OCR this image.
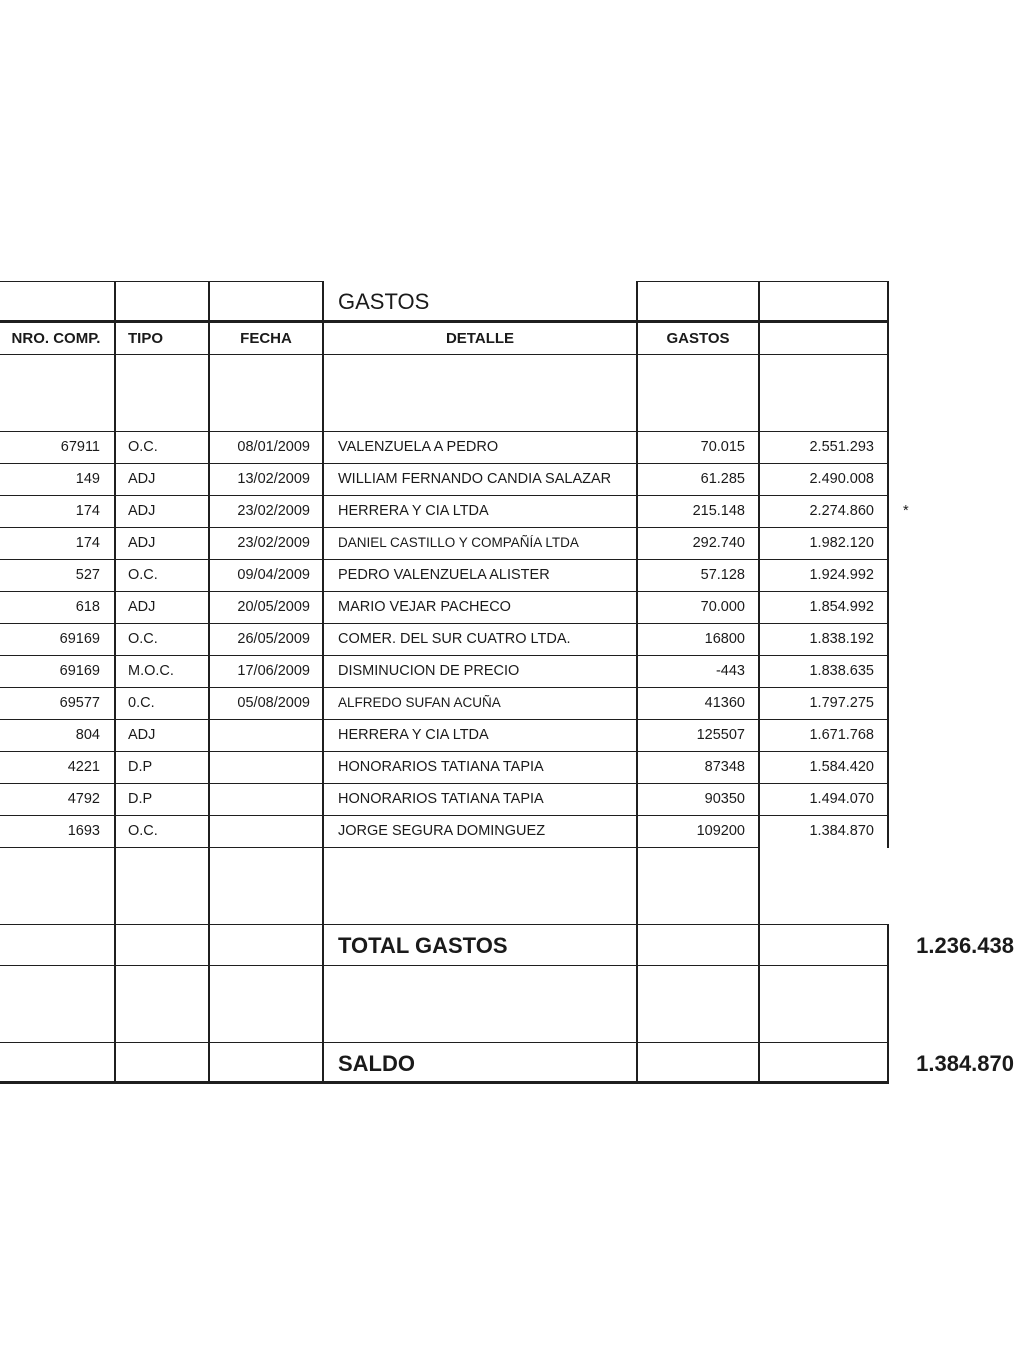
GASTOS
NRO. COMP.	TIPO	FECHA	DETALLE	GASTOS
67911 O.C.	08/01/2009 VALENZUELA A PEDRO	70.015	2.551.293
149 ADJ	13/02/2009 WILLIAM FERNANDO CANDIA SALAZAR	61.285	2.490.008
174 ADJ	23/02/2009 HERRERA Y CIA LTDA	215.148	2.274.860 *
174 ADJ	23/02/2009 DANIEL CASTILLO Y COMPAÑÍA LTDA	292.740	1.982.120
527 O.C.	09/04/2009 PEDRO VALENZUELA ALISTER	57.128	1.924.992
618 ADJ	20/05/2009 MARIO VEJAR PACHECO	70.000	1.854.992
69169 O.C.	26/05/2009 COMER. DEL SUR CUATRO LTDA.	16800	1.838.192
69169 M.O.C.	17/06/2009 DISMINUCION DE PRECIO	-443	1.838.635
69577 0.C.	05/08/2009 ALFREDO SUFAN ACUÑA	41360	1.797.275
804 ADJ	HERRERA Y CIA LTDA	125507	1.671.768
4221 D.P	HONORARIOS TATIANA TAPIA	87348	1.584.420
4792 D.P	HONORARIOS TATIANA TAPIA	90350	1.494.070
1693 O.C.	JORGE SEGURA DOMINGUEZ	109200	1.384.870
TOTAL GASTOS	1.236.438
SALDO	1.384.870
